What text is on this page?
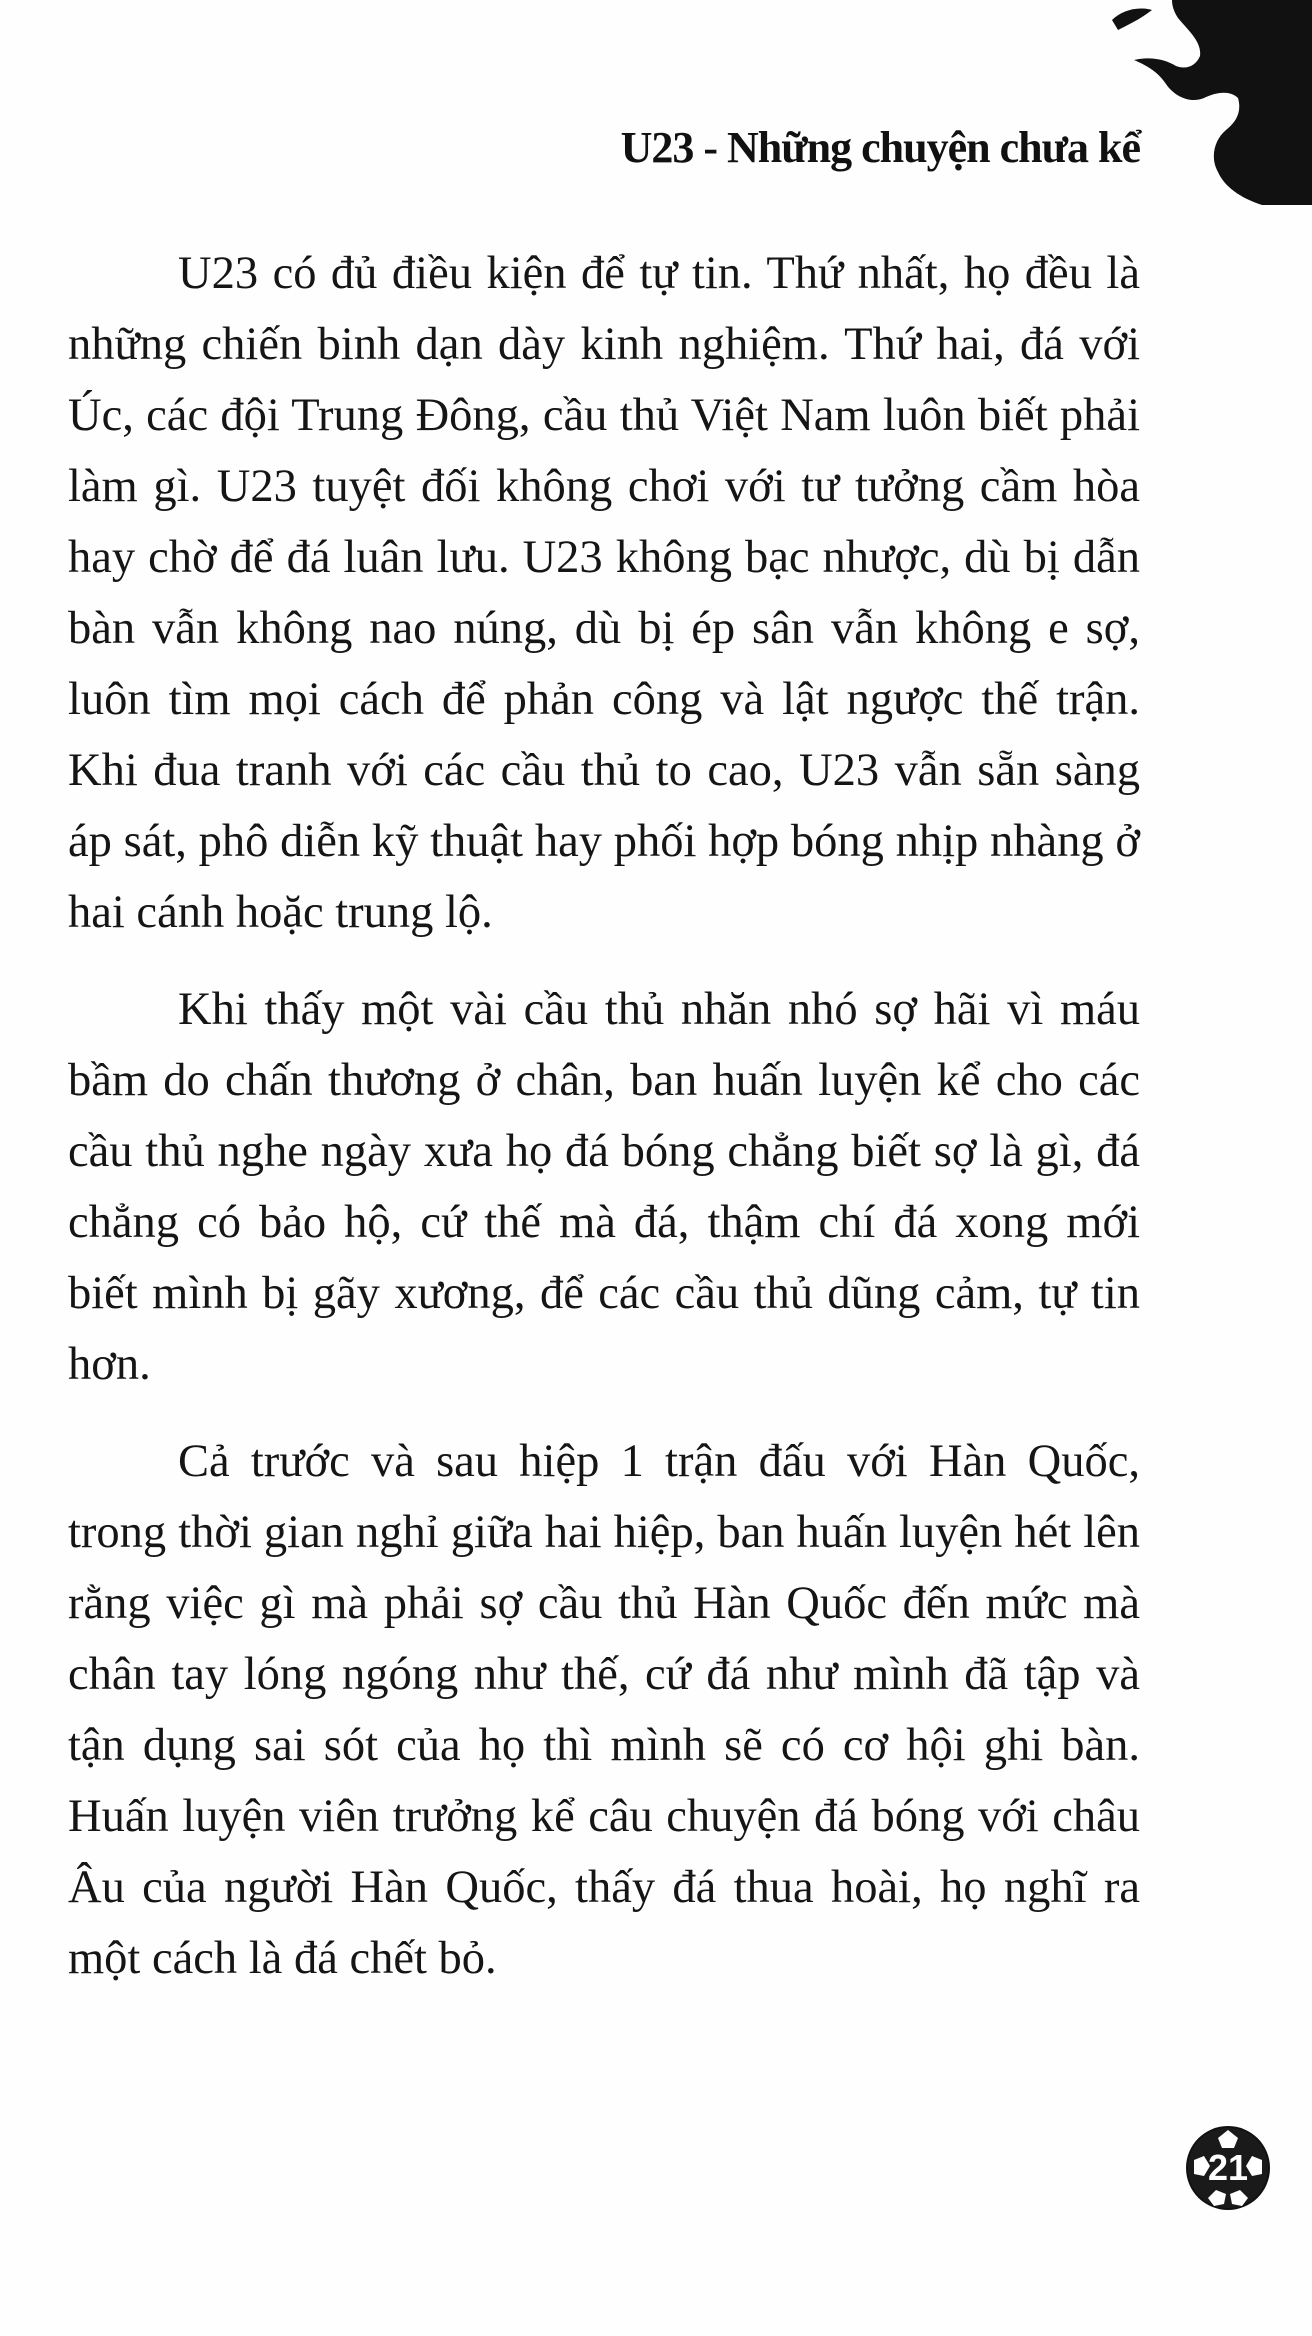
U23 - Những chuyện chưa kể

U23 có đủ điều kiện để tự tin. Thứ nhất, họ đều là những chiến binh dạn dày kinh nghiệm. Thứ hai, đá với Úc, các đội Trung Đông, cầu thủ Việt Nam luôn biết phải làm gì. U23 tuyệt đối không chơi với tư tưởng cầm hòa hay chờ để đá luân lưu. U23 không bạc nhược, dù bị dẫn bàn vẫn không nao núng, dù bị ép sân vẫn không e sợ, luôn tìm mọi cách để phản công và lật ngược thế trận. Khi đua tranh với các cầu thủ to cao, U23 vẫn sẵn sàng áp sát, phô diễn kỹ thuật hay phối hợp bóng nhịp nhàng ở hai cánh hoặc trung lộ.

Khi thấy một vài cầu thủ nhăn nhó sợ hãi vì máu bầm do chấn thương ở chân, ban huấn luyện kể cho các cầu thủ nghe ngày xưa họ đá bóng chẳng biết sợ là gì, đá chẳng có bảo hộ, cứ thế mà đá, thậm chí đá xong mới biết mình bị gãy xương, để các cầu thủ dũng cảm, tự tin hơn.

Cả trước và sau hiệp 1 trận đấu với Hàn Quốc, trong thời gian nghỉ giữa hai hiệp, ban huấn luyện hét lên rằng việc gì mà phải sợ cầu thủ Hàn Quốc đến mức mà chân tay lóng ngóng như thế, cứ đá như mình đã tập và tận dụng sai sót của họ thì mình sẽ có cơ hội ghi bàn. Huấn luyện viên trưởng kể câu chuyện đá bóng với châu Âu của người Hàn Quốc, thấy đá thua hoài, họ nghĩ ra một cách là đá chết bỏ.

21
